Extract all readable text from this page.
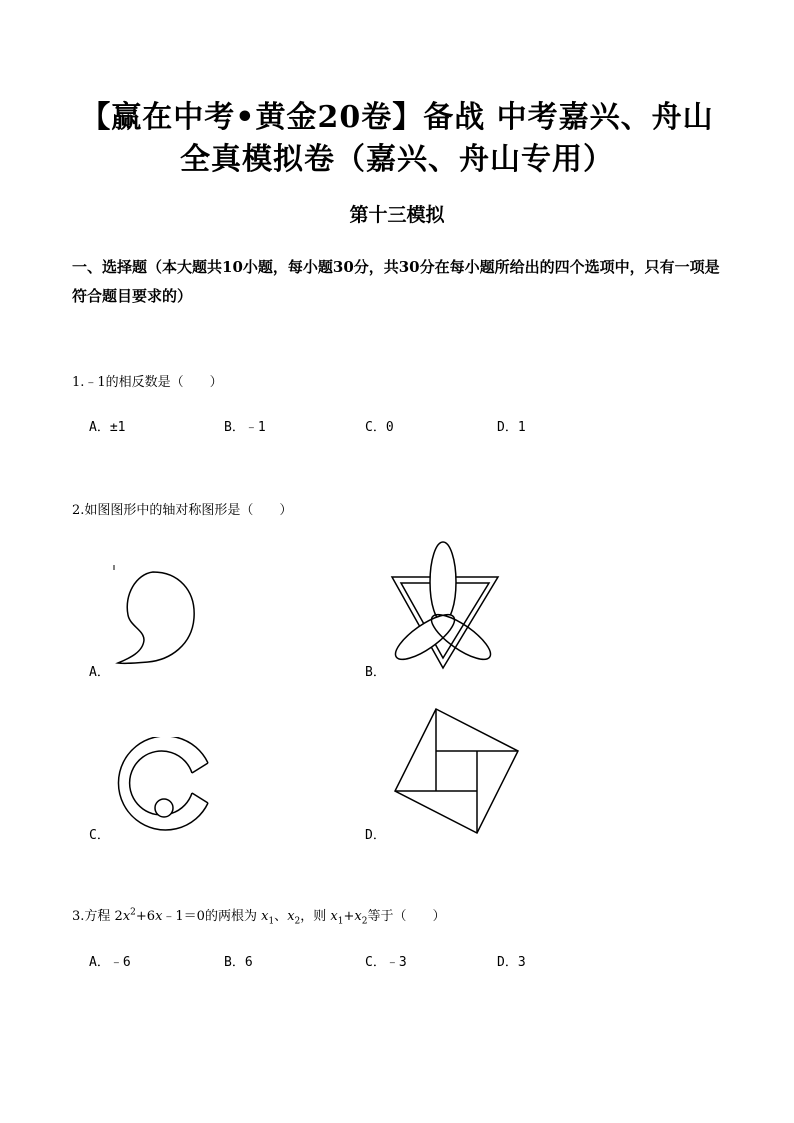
【赢在中考•黄金20卷】备战 中考嘉兴、舟山
全真模拟卷（嘉兴、舟山专用）
第十三模拟
一、选择题（本大题共10小题，每小题30分，共30分在每小题所给出的四个选项中，只有一项是符合题目要求的）
1.﹣1的相反数是（　　）
A．±1	B．﹣1	C．0	D．1
2.如图图形中的轴对称图形是（　　）
A．	B．
C．	D．
3.方程 $2x^2+6x﹣1=0$的两根为 $x_1$、$x_2$，则 $x_1+x_2$等于（　　）
A．﹣6	B．6	C．﹣3	D．3
